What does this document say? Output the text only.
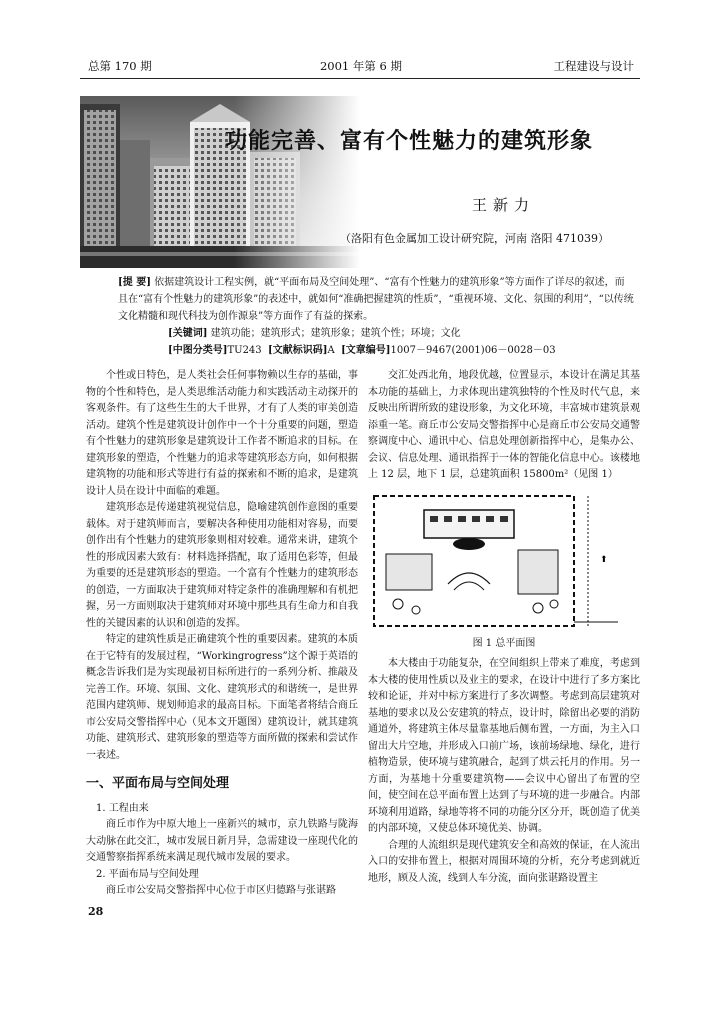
总第 170 期	2001 年第 6 期	工程建设与设计
功能完善、富有个性魅力的建筑形象
王新力
（洛阳有色金属加工设计研究院，河南 洛阳 471039）

[提 要] 依据建筑设计工程实例，就“平面布局及空间处理”、“富有个性魅力的建筑形象”等方面作了详尽的叙述，而且在“富有个性魅力的建筑形象”的表述中，就如何“准确把握建筑的性质”，“重视环境、文化、氛围的利用”，“以传统文化精髓和现代科技为创作源泉”等方面作了有益的探索。

[关键词] 建筑功能；建筑形式；建筑形象；建筑个性；环境；文化

[中图分类号]TU243 [文献标识码]A [文章编号]1007－9467(2001)06－0028－03

个性或日特色，是人类社会任何事物赖以生存的基础，事物的个性和特色，是人类思维活动能力和实践活动主动探开的客观条件。有了这些生生的大千世界，才有了人类的审美创造活动。建筑个性是建筑设计创作中一个十分重要的问题，塑造有个性魅力的建筑形象是建筑设计工作者不断追求的目标。在建筑形象的塑造，个性魅力的追求等建筑形态方向，如何根据建筑物的功能和形式等进行有益的探索和不断的追求，是建筑设计人员在设计中面临的难题。

建筑形态是传递建筑视觉信息，隐喻建筑创作意图的重要载体。对于建筑师而言，要解决各种使用功能相对容易，而要创作出有个性魅力的建筑形象则相对较难。通常来讲，建筑个性的形成因素大致有：材料选择搭配，取了适用色彩等，但最为重要的还是建筑形态的塑造。一个富有个性魅力的建筑形态的创造，一方面取决于建筑师对特定条件的准确理解和有机把握，另一方面则取决于建筑师对环境中那些具有生命力和自我性的关键因素的认识和创造的发挥。

特定的建筑性质是正确建筑个性的重要因素。建筑的本质在于它特有的发展过程，“Workingrogress”这个源于英语的概念告诉我们是为实现最初目标所进行的一系列分析、推敲及完善工作。环境、氛围、文化、建筑形式的和谐统一，是世界范围内建筑师、规划师追求的最高目标。下面笔者将结合商丘市公安局交警指挥中心（见本文开题图）建筑设计，就其建筑功能、建筑形式、建筑形象的塑造等方面所做的探索和尝试作一表述。

一、平面布局与空间处理

1. 工程由来

商丘市作为中原大地上一座新兴的城市，京九铁路与陇海大动脉在此交汇，城市发展日新月异，急需建设一座现代化的交通警察指挥系统来满足现代城市发展的要求。

2. 平面布局与空间处理

商丘市公安局交警指挥中心位于市区归德路与张谌路

交汇处西北角，地段优越，位置显示，本设计在满足其基本功能的基础上，力求体现出建筑独特的个性及时代气息，来反映出所谓所致的建设形象，为文化环境，丰富城市建筑景观添重一笔。商丘市公安局交警指挥中心是商丘市公安局交通警察调度中心、通讯中心、信息处理创新指挥中心，是集办公、会议、信息处理、通讯指挥于一体的智能化信息中心。该楼地上 12 层，地下 1 层，总建筑面积 15800m²（见图 1）

⬆

图 1 总平面图

本大楼由于功能复杂，在空间组织上带来了难度，考虑到本大楼的使用性质以及业主的要求，在设计中进行了多方案比较和论证，并对中标方案进行了多次调整。考虑到高层建筑对基地的要求以及公安建筑的特点，设计时，除留出必要的消防通道外，将建筑主体尽量靠基地后侧布置，一方面，为主入口留出大片空地，并形成入口前广场，该前场绿地、绿化，进行植物造景，使环境与建筑融合，起到了烘云托月的作用。另一方面，为基地十分重要建筑物——会议中心留出了布置的空间，使空间在总平面布置上达到了与环境的进一步融合。内部环境利用道路，绿地等将不同的功能分区分开，既创造了优美的内部环境，又使总体环境优美、协调。

合理的人流组织是现代建筑安全和高效的保证，在人流出入口的安排布置上，根据对周围环境的分析，充分考虑到就近地形，顾及人流，线到人车分流，面向张谌路设置主

28
